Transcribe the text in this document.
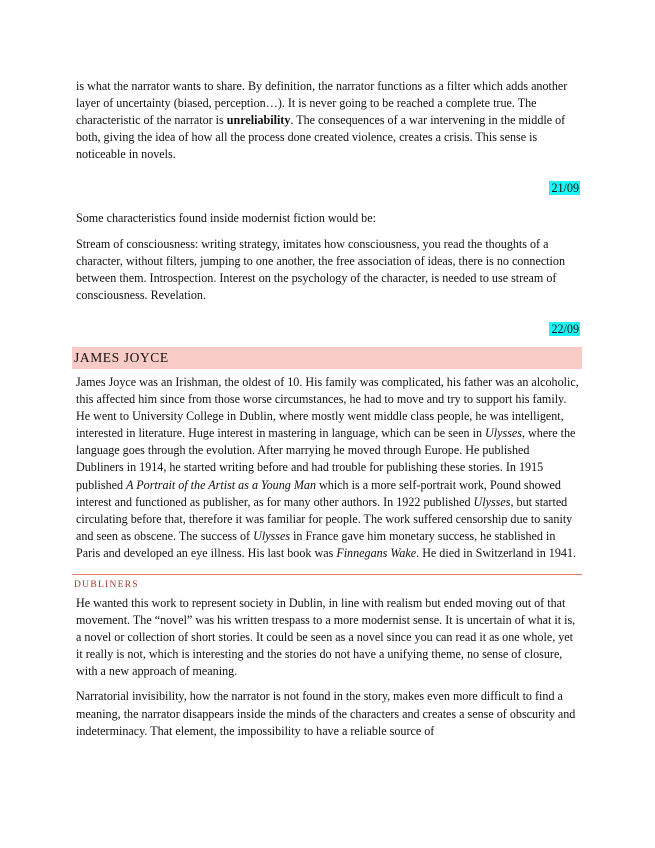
is what the narrator wants to share. By definition, the narrator functions as a filter which adds another layer of uncertainty (biased, perception…). It is never going to be reached a complete true. The characteristic of the narrator is unreliability. The consequences of a war intervening in the middle of both, giving the idea of how all the process done created violence, creates a crisis. This sense is noticeable in novels.

21/09

Some characteristics found inside modernist fiction would be:

Stream of consciousness: writing strategy, imitates how consciousness, you read the thoughts of a character, without filters, jumping to one another, the free association of ideas, there is no connection between them. Introspection. Interest on the psychology of the character, is needed to use stream of consciousness. Revelation.

22/09
JAMES JOYCE

James Joyce was an Irishman, the oldest of 10. His family was complicated, his father was an alcoholic, this affected him since from those worse circumstances, he had to move and try to support his family. He went to University College in Dublin, where mostly went middle class people, he was intelligent, interested in literature. Huge interest in mastering in language, which can be seen in Ulysses, where the language goes through the evolution. After marrying he moved through Europe. He published Dubliners in 1914, he started writing before and had trouble for publishing these stories. In 1915 published A Portrait of the Artist as a Young Man which is a more self-portrait work, Pound showed interest and functioned as publisher, as for many other authors. In 1922 published Ulysses, but started circulating before that, therefore it was familiar for people. The work suffered censorship due to sanity and seen as obscene. The success of Ulysses in France gave him monetary success, he stablished in Paris and developed an eye illness. His last book was Finnegans Wake. He died in Switzerland in 1941.

DUBLINERS

He wanted this work to represent society in Dublin, in line with realism but ended moving out of that movement. The “novel” was his written trespass to a more modernist sense. It is uncertain of what it is, a novel or collection of short stories. It could be seen as a novel since you can read it as one whole, yet it really is not, which is interesting and the stories do not have a unifying theme, no sense of closure, with a new approach of meaning.

Narratorial invisibility, how the narrator is not found in the story, makes even more difficult to find a meaning, the narrator disappears inside the minds of the characters and creates a sense of obscurity and indeterminacy. That element, the impossibility to have a reliable source of
